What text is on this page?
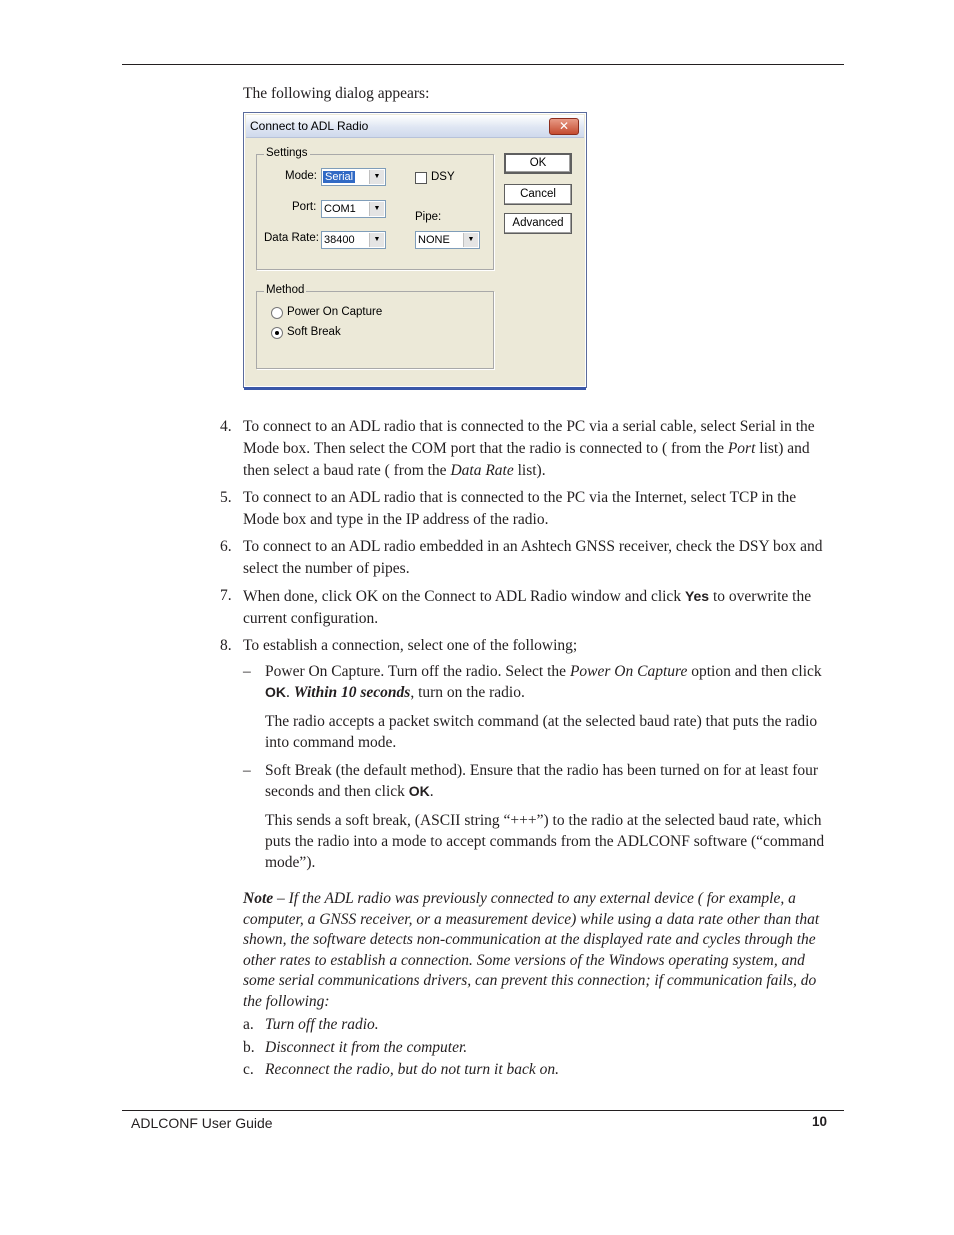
The following dialog appears:
Connect to ADL Radio	✕
Settings
Mode: Serial	▼
Port: COM1	▼
Data Rate: 38400	▼
DSY
Pipe:
NONE	▼
Method
Power On Capture
Soft Break
OK
Cancel
Advanced
4. To connect to an ADL radio that is connected to the PC via a serial cable, select Serial in the Mode box. Then select the COM port that the radio is connected to ( from the Port list) and then select a baud rate ( from the Data Rate list).
5. To connect to an ADL radio that is connected to the PC via the Internet, select TCP in the Mode box and type in the IP address of the radio.
6. To connect to an ADL radio embedded in an Ashtech GNSS receiver, check the DSY box and select the number of pipes.
7. When done, click OK on the Connect to ADL Radio window and click Yes to overwrite the current configuration.
8. To establish a connection, select one of the following;
– Power On Capture. Turn off the radio. Select the Power On Capture option and then click OK. Within 10 seconds, turn on the radio.
The radio accepts a packet switch command (at the selected baud rate) that puts the radio into command mode.
– Soft Break (the default method). Ensure that the radio has been turned on for at least four seconds and then click OK.
This sends a soft break, (ASCII string “+++”) to the radio at the selected baud rate, which puts the radio into a mode to accept commands from the ADLCONF software (“command mode”).
Note – If the ADL radio was previously connected to any external device ( for example, a computer, a GNSS receiver, or a measurement device) while using a data rate other than that shown, the software detects non-communication at the displayed rate and cycles through the other rates to establish a connection. Some versions of the Windows operating system, and some serial communications drivers, can prevent this connection; if communication fails, do the following:
a. Turn off the radio.
b. Disconnect it from the computer.
c. Reconnect the radio, but do not turn it back on.
ADLCONF User Guide	10
